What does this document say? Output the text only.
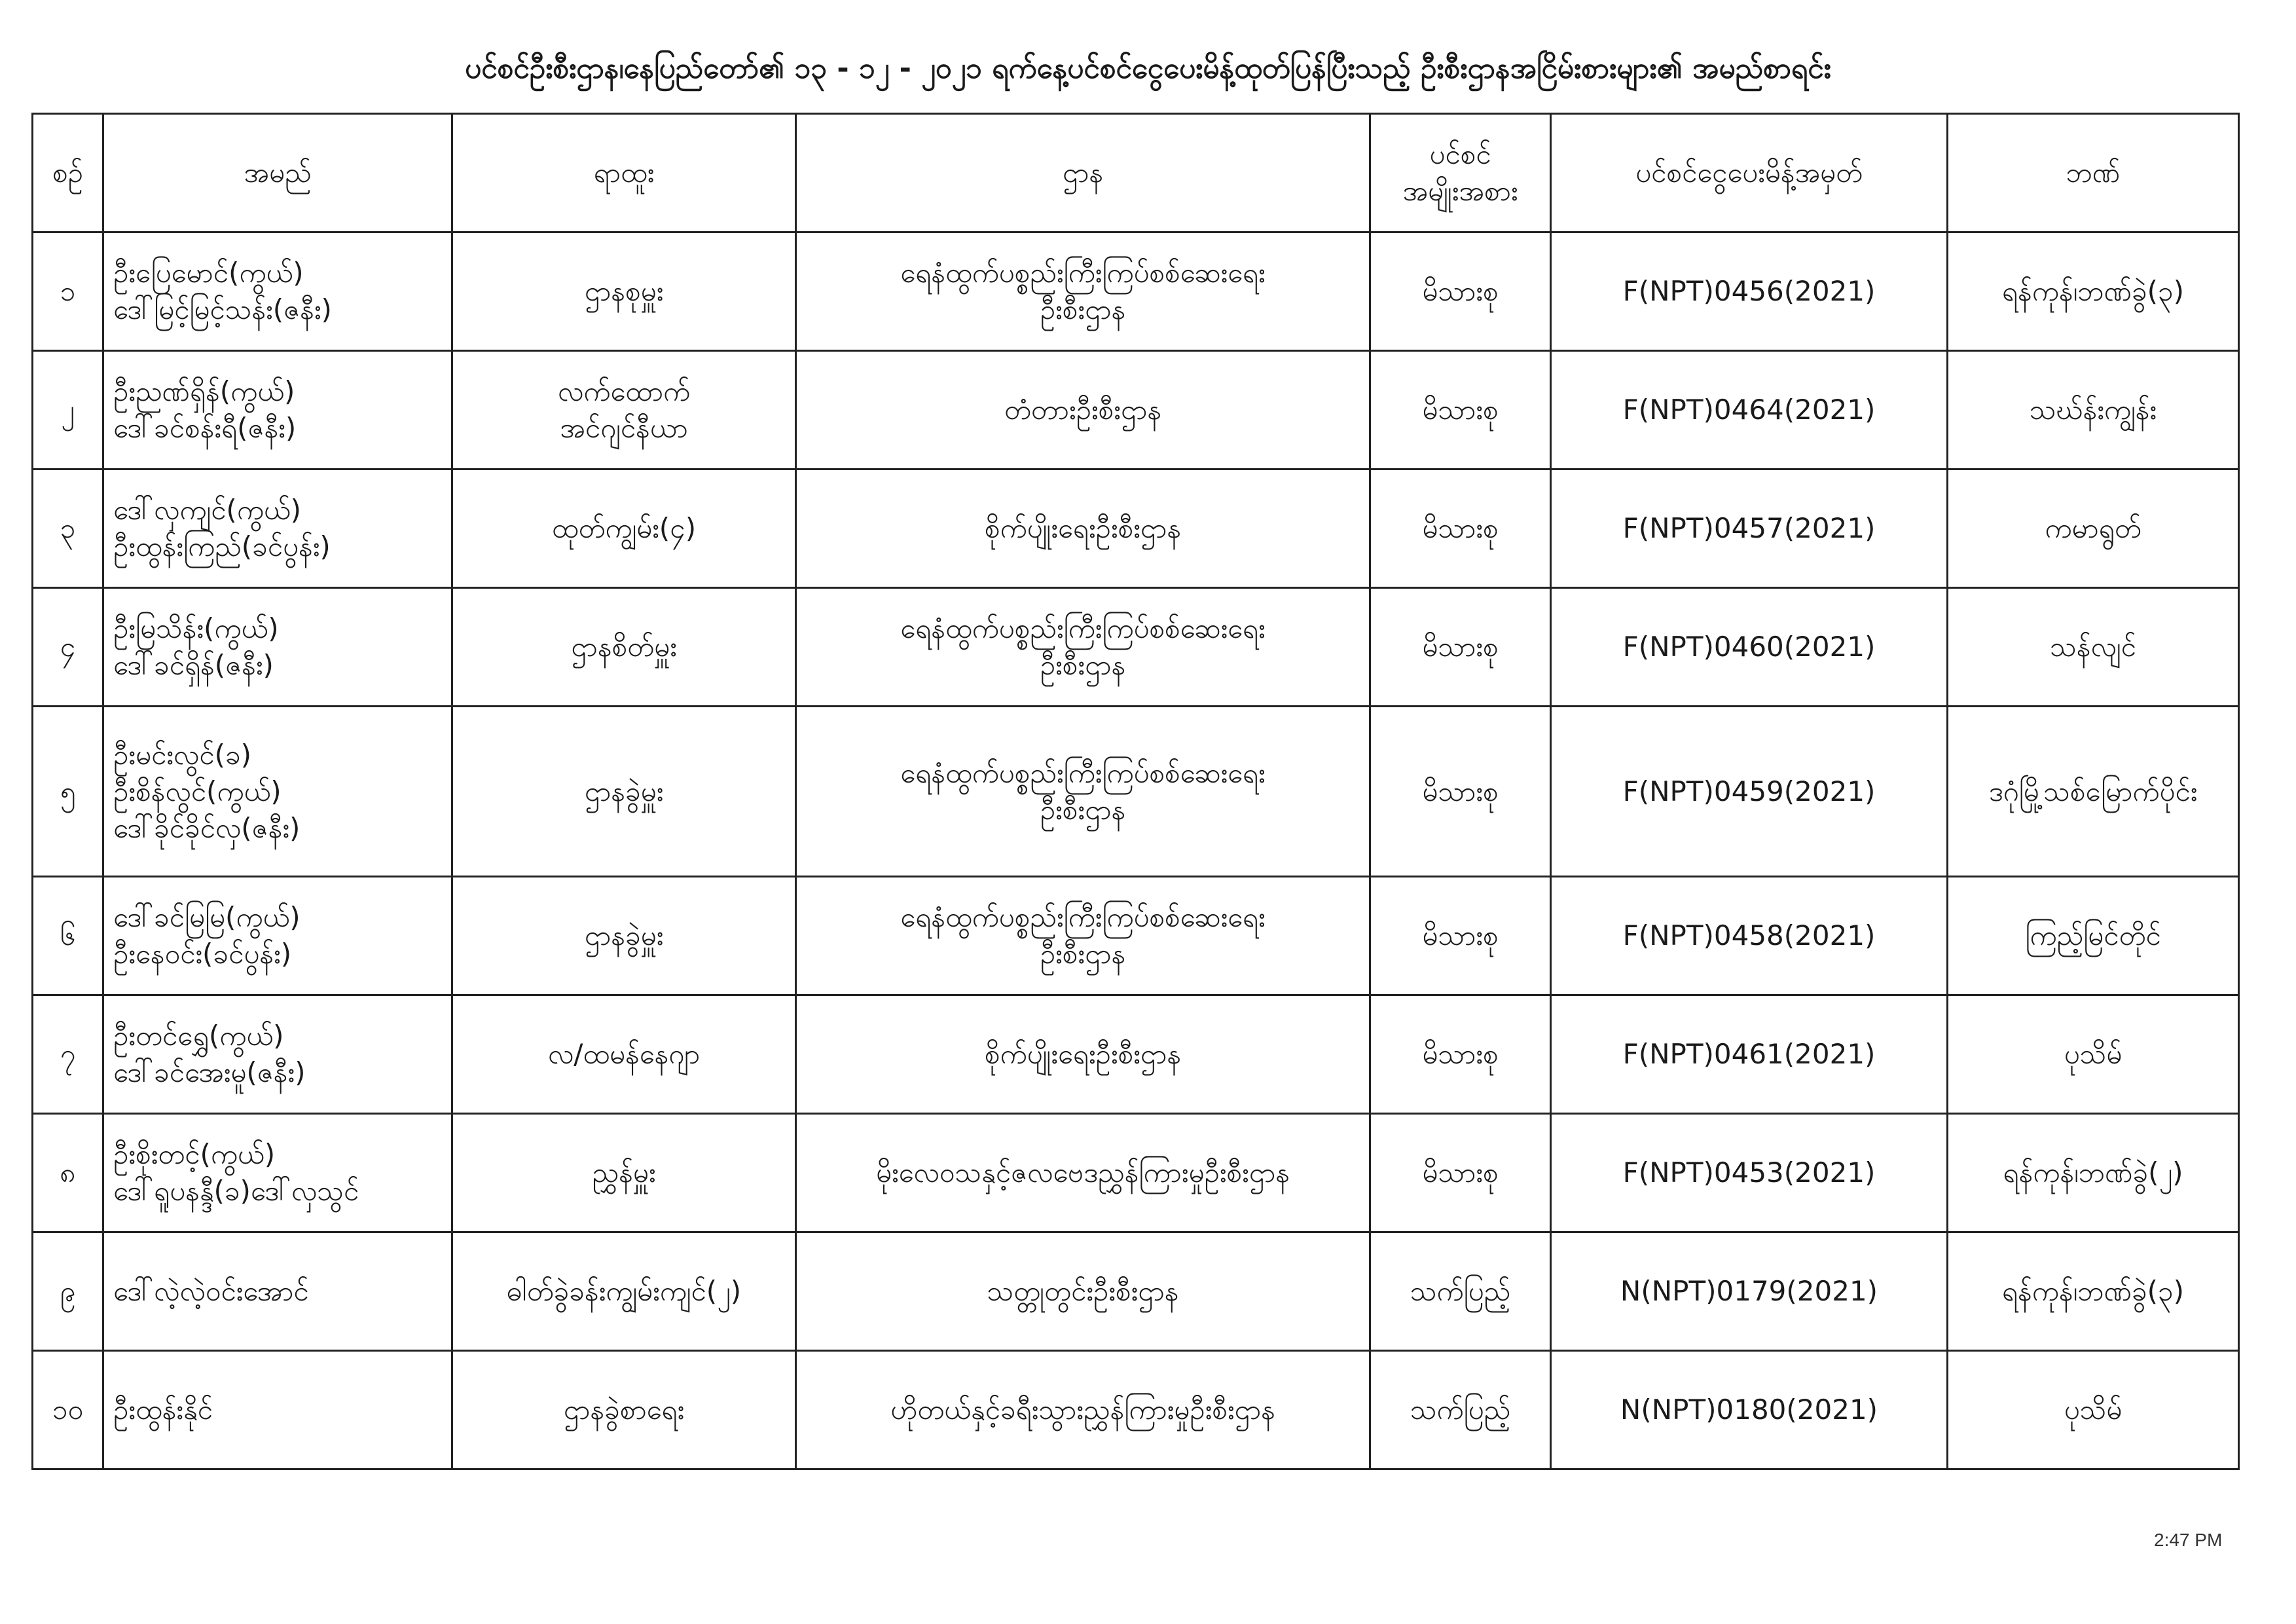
ပင်စင်ဦးစီးဌာန၊နေပြည်တော်၏ ၁၃ - ၁၂ - ၂၀၂၁ ရက်နေ့ပင်စင်ငွေပေးမိန့်ထုတ်ပြန်ပြီးသည့် ဦးစီးဌာနအငြိမ်းစားများ၏ အမည်စာရင်း
စဉ်	အမည်	ရာထူး	ဌာန	ပင်စင်
အမျိုးအစား	ပင်စင်ငွေပေးမိန့်အမှတ်	ဘဏ်
၁	ဦးပြေမောင်(ကွယ်)
ဒေါ်မြင့်မြင့်သန်း(ဇနီး)	ဌာနစုမှူး	ရေနံထွက်ပစ္စည်းကြီးကြပ်စစ်ဆေးရေး
ဦးစီးဌာန	မိသားစု	F(NPT)0456(2021)	ရန်ကုန်၊ဘဏ်ခွဲ(၃)
၂	ဦးညဏ်ရှိန်(ကွယ်)
ဒေါ်ခင်စန်းရီ(ဇနီး)	လက်ထောက်
အင်ဂျင်နီယာ	တံတားဦးစီးဌာန	မိသားစု	F(NPT)0464(2021)	သဃ်န်းကျွန်း
၃	ဒေါ်လှကျင်(ကွယ်)
ဦးထွန်းကြည်(ခင်ပွန်း)	ထုတ်ကျွမ်း(၄)	စိုက်ပျိုးရေးဦးစီးဌာန	မိသားစု	F(NPT)0457(2021)	ကမာရွတ်
၄	ဦးမြသိန်း(ကွယ်)
ဒေါ်ခင်ရှိန်(ဇနီး)	ဌာနစိတ်မှူး	ရေနံထွက်ပစ္စည်းကြီးကြပ်စစ်ဆေးရေး
ဦးစီးဌာန	မိသားစု	F(NPT)0460(2021)	သန်လျင်
၅	ဦးမင်းလွင်(ခ)
ဦးစိန်လွင်(ကွယ်)
ဒေါ်ခိုင်ခိုင်လှ(ဇနီး)	ဌာနခွဲမှူး	ရေနံထွက်ပစ္စည်းကြီးကြပ်စစ်ဆေးရေး
ဦးစီးဌာန	မိသားစု	F(NPT)0459(2021)	ဒဂုံမြို့သစ်မြောက်ပိုင်း
၆	ဒေါ်ခင်မြမြ(ကွယ်)
ဦးနေဝင်း(ခင်ပွန်း)	ဌာနခွဲမှူး	ရေနံထွက်ပစ္စည်းကြီးကြပ်စစ်ဆေးရေး
ဦးစီးဌာန	မိသားစု	F(NPT)0458(2021)	ကြည့်မြင်တိုင်
၇	ဦးတင်ရွှေ(ကွယ်)
ဒေါ်ခင်အေးမူ(ဇနီး)	လ/ထမန်နေဂျာ	စိုက်ပျိုးရေးဦးစီးဌာန	မိသားစု	F(NPT)0461(2021)	ပုသိမ်
၈	ဦးစိုးတင့်(ကွယ်)
ဒေါ်ရူပနန္ဒီ(ခ)ဒေါ်လှသွင်	ညွှန်မှူး	မိုးလေဝသနှင့်ဇလဗေဒညွှန်ကြားမှုဦးစီးဌာန	မိသားစု	F(NPT)0453(2021)	ရန်ကုန်၊ဘဏ်ခွဲ(၂)
၉	ဒေါ်လဲ့လဲ့ဝင်းအောင်	ဓါတ်ခွဲခန်းကျွမ်းကျင်(၂)	သတ္တုတွင်းဦးစီးဌာန	သက်ပြည့်	N(NPT)0179(2021)	ရန်ကုန်၊ဘဏ်ခွဲ(၃)
၁၀	ဦးထွန်းနိုင်	ဌာနခွဲစာရေး	ဟိုတယ်နှင့်ခရီးသွားညွှန်ကြားမှုဦးစီးဌာန	သက်ပြည့်	N(NPT)0180(2021)	ပုသိမ်
2:47 PM
